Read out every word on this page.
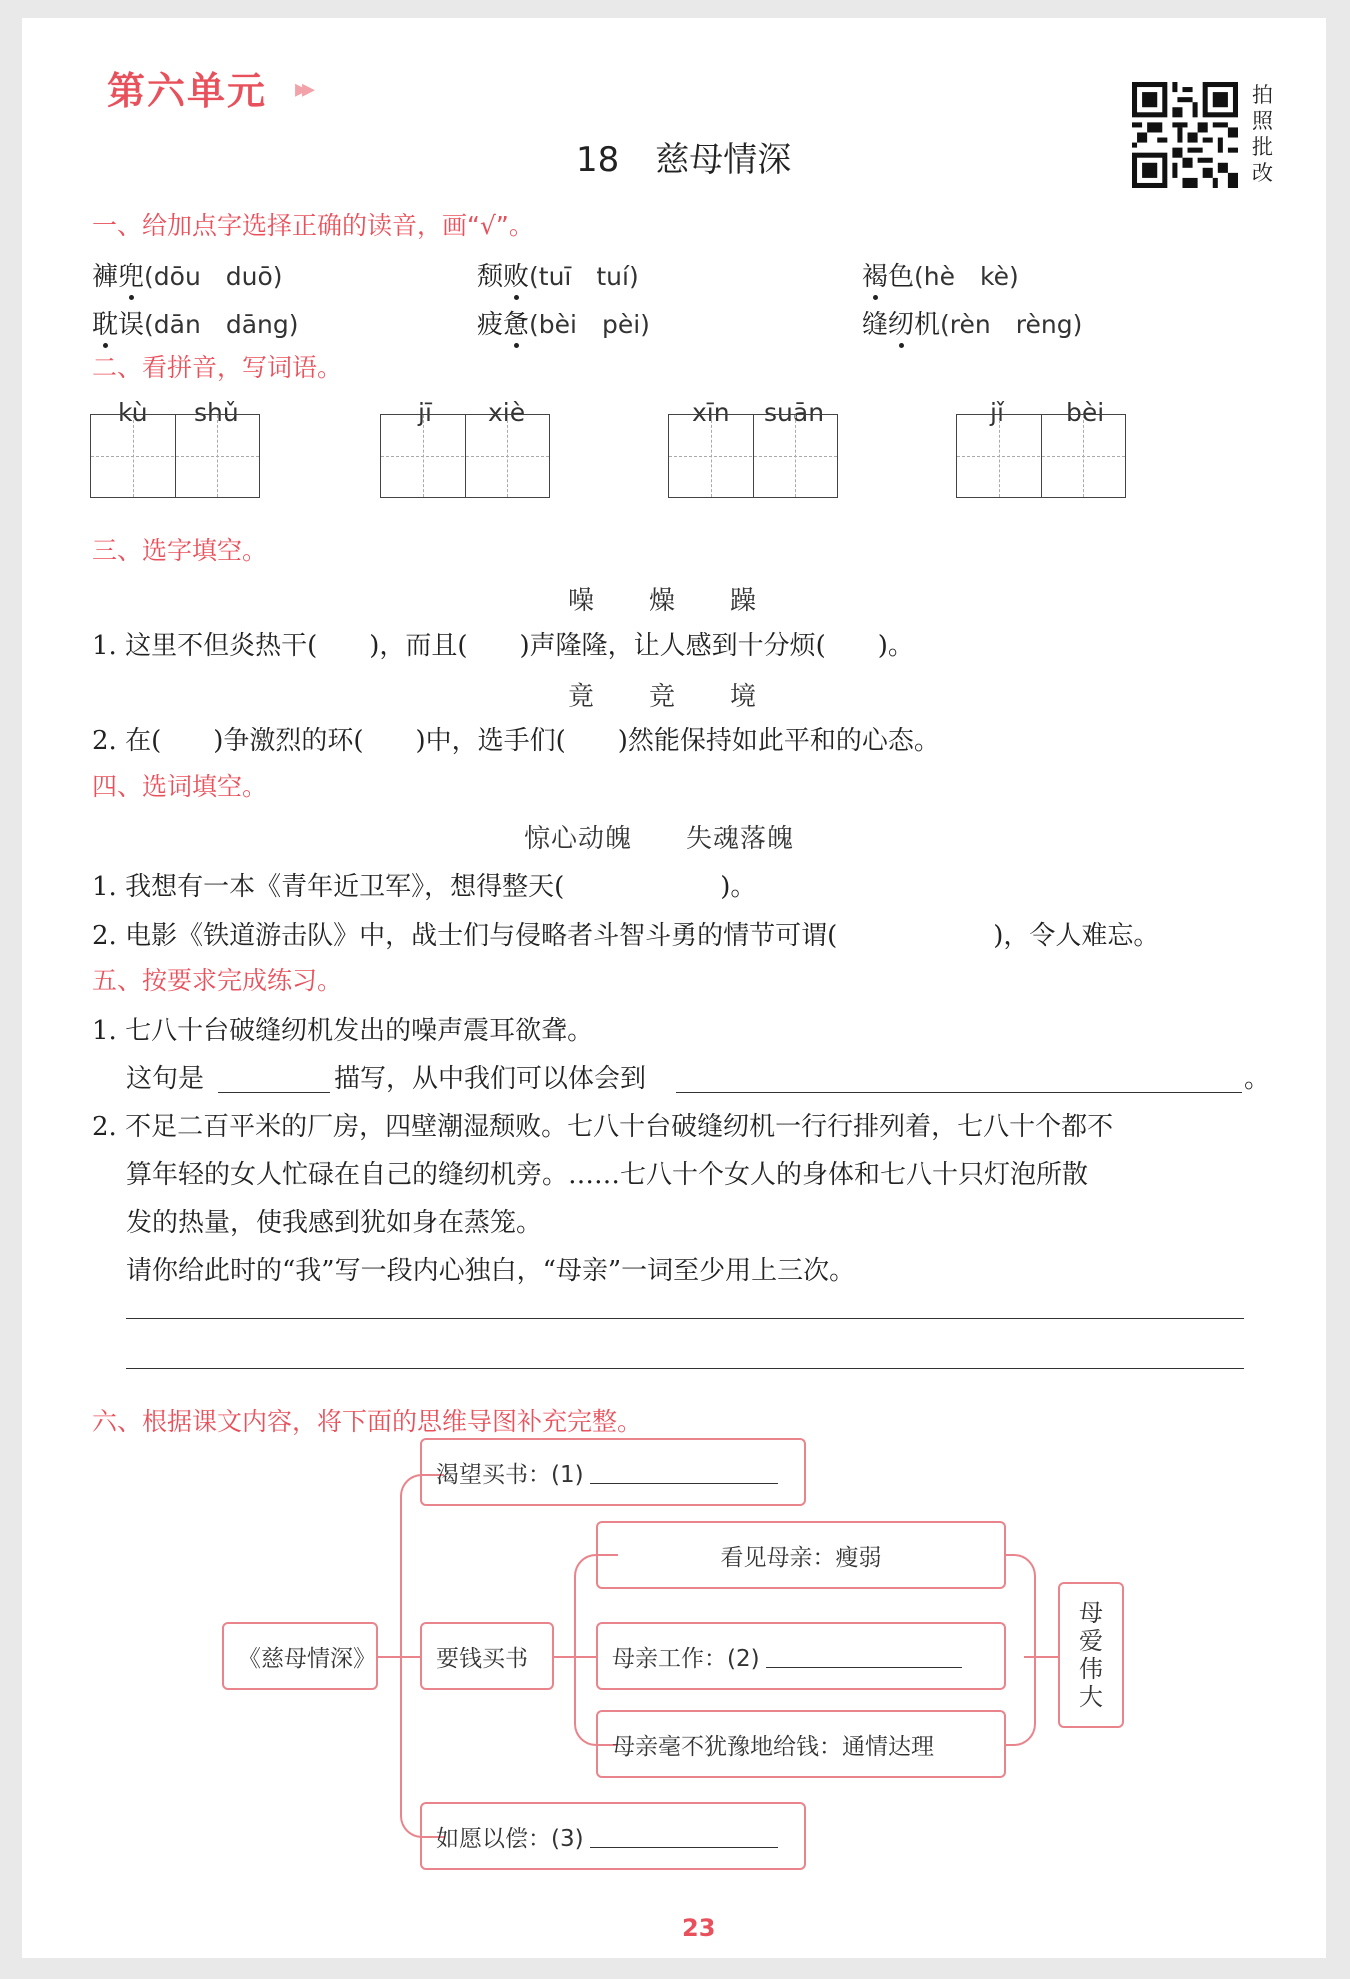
第六单元 ▸▸
18 慈母情深
拍照批改
一、给加点字选择正确的读音，画“√”。
褲兜(dōu　duō)	颓败(tuī　tuí)	褐色(hè　kè)
耽误(dān　dāng)	疲惫(bèi　pèi)	缝纫机(rèn　rèng)
二、看拼音，写词语。
kù shǔ	jī xiè	xīn suān	jǐ bèi
三、选字填空。
噪　　燥　　躁
1. 这里不但炎热干(　　)，而且(　　)声隆隆，让人感到十分烦(　　)。
竟　　竞　　境
2. 在(　　)争激烈的环(　　)中，选手们(　　)然能保持如此平和的心态。
四、选词填空。
惊心动魄　　失魂落魄
1. 我想有一本《青年近卫军》，想得整天(　　　　　　)。
2. 电影《铁道游击队》中，战士们与侵略者斗智斗勇的情节可谓(　　　　　　)，令人难忘。
五、按要求完成练习。
1. 七八十台破缝纫机发出的噪声震耳欲聋。
这句是	描写，从中我们可以体会到	。
2. 不足二百平米的厂房，四壁潮湿颓败。七八十台破缝纫机一行行排列着，七八十个都不
算年轻的女人忙碌在自己的缝纫机旁。……七八十个女人的身体和七八十只灯泡所散
发的热量，使我感到犹如身在蒸笼。
请你给此时的“我”写一段内心独白，“母亲”一词至少用上三次。
六、根据课文内容，将下面的思维导图补充完整。
《慈母情深》
渴望买书：(1)
要钱买书
如愿以偿：(3)
看见母亲：瘦弱
母亲工作：(2)
母亲毫不犹豫地给钱：通情达理
母爱伟大
23
